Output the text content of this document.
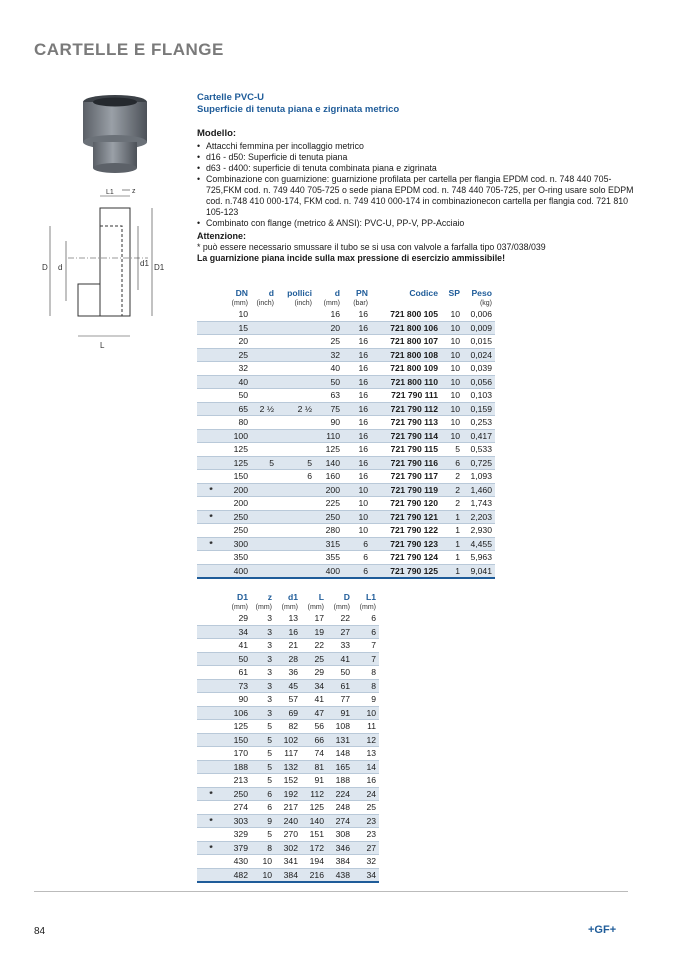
CARTELLE E FLANGE
D d	d1 D1
L
L1	z
Cartelle PVC-U
Superficie di tenuta piana e zigrinata metrico
Modello:
• Attacchi femmina per incollaggio metrico
• d16 - d50: Superficie di tenuta piana
• d63 - d400: superficie di tenuta combinata piana e zigrinata
• Combinazione con guarnizione: guarnizione profilata per cartella per flangia EPDM cod. n. 748 440 705-725,FKM cod. n. 749 440 705-725 o sede piana EPDM cod. n. 748 440 705-725, per O-ring usare solo EDPM cod. n.748 410 000-174, FKM cod. n. 749 410 000-174 in combinazionecon cartella per flangia cod. 721 810 105-123
• Combinato con flange (metrico & ANSI): PVC-U, PP-V, PP-Acciaio
Attenzione:
* può essere necessario smussare il tubo se si usa con valvole a farfalla tipo 037/038/039
La guarnizione piana incide sulla max pressione di esercizio ammissibile!
	DN	d	pollici	d	PN	Codice	SP	Peso
	(mm)	(inch)	(inch)	(mm)	(bar)			(kg)
	10			16	16	721 800 105	10	0,006
	15			20	16	721 800 106	10	0,009
	20			25	16	721 800 107	10	0,015
	25			32	16	721 800 108	10	0,024
	32			40	16	721 800 109	10	0,039
	40			50	16	721 800 110	10	0,056
	50			63	16	721 790 111	10	0,103
	65	2 ½	2 ½	75	16	721 790 112	10	0,159
	80			90	16	721 790 113	10	0,253
	100			110	16	721 790 114	10	0,417
	125			125	16	721 790 115	5	0,533
	125	5	5	140	16	721 790 116	6	0,725
	150		6	160	16	721 790 117	2	1,093
*	200			200	10	721 790 119	2	1,460
	200			225	10	721 790 120	2	1,743
*	250			250	10	721 790 121	1	2,203
	250			280	10	721 790 122	1	2,930
*	300			315	6	721 790 123	1	4,455
	350			355	6	721 790 124	1	5,963
	400			400	6	721 790 125	1	9,041
	D1	z	d1	L	D	L1
	(mm)	(mm)	(mm)	(mm)	(mm)	(mm)
	29	3	13	17	22	6
	34	3	16	19	27	6
	41	3	21	22	33	7
	50	3	28	25	41	7
	61	3	36	29	50	8
	73	3	45	34	61	8
	90	3	57	41	77	9
	106	3	69	47	91	10
	125	5	82	56	108	11
	150	5	102	66	131	12
	170	5	117	74	148	13
	188	5	132	81	165	14
	213	5	152	91	188	16
*	250	6	192	112	224	24
	274	6	217	125	248	25
*	303	9	240	140	274	23
	329	5	270	151	308	23
*	379	8	302	172	346	27
	430	10	341	194	384	32
	482	10	384	216	438	34
84	+GF+
